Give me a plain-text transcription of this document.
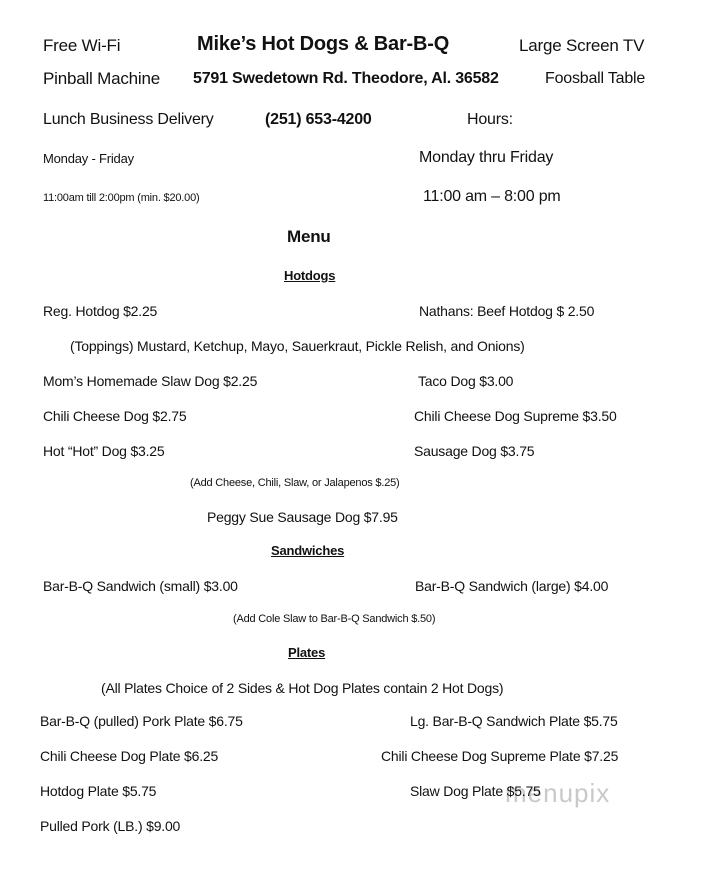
menupix
Free Wi-Fi	Mike’s Hot Dogs & Bar-B-Q	Large Screen TV
Pinball Machine 5791 Swedetown Rd. Theodore, Al. 36582	Foosball Table
Lunch Business Delivery	(251) 653-4200	Hours:
Monday - Friday	Monday thru Friday
11:00am till 2:00pm (min. $20.00)	11:00 am – 8:00 pm
Menu
Hotdogs
Reg. Hotdog $2.25	Nathans: Beef Hotdog $ 2.50
(Toppings) Mustard, Ketchup, Mayo, Sauerkraut, Pickle Relish, and Onions)
Mom’s Homemade Slaw Dog $2.25	Taco Dog $3.00
Chili Cheese Dog $2.75	Chili Cheese Dog Supreme $3.50
Hot “Hot” Dog $3.25	Sausage Dog $3.75
(Add Cheese, Chili, Slaw, or Jalapenos $.25)
Peggy Sue Sausage Dog $7.95
Sandwiches
Bar-B-Q Sandwich (small) $3.00	Bar-B-Q Sandwich (large) $4.00
(Add Cole Slaw to Bar-B-Q Sandwich $.50)
Plates
(All Plates Choice of 2 Sides & Hot Dog Plates contain 2 Hot Dogs)
Bar-B-Q (pulled) Pork Plate $6.75	Lg. Bar-B-Q Sandwich Plate $5.75
Chili Cheese Dog Plate $6.25	Chili Cheese Dog Supreme Plate $7.25
Hotdog Plate $5.75	Slaw Dog Plate $5.75
Pulled Pork (LB.) $9.00
